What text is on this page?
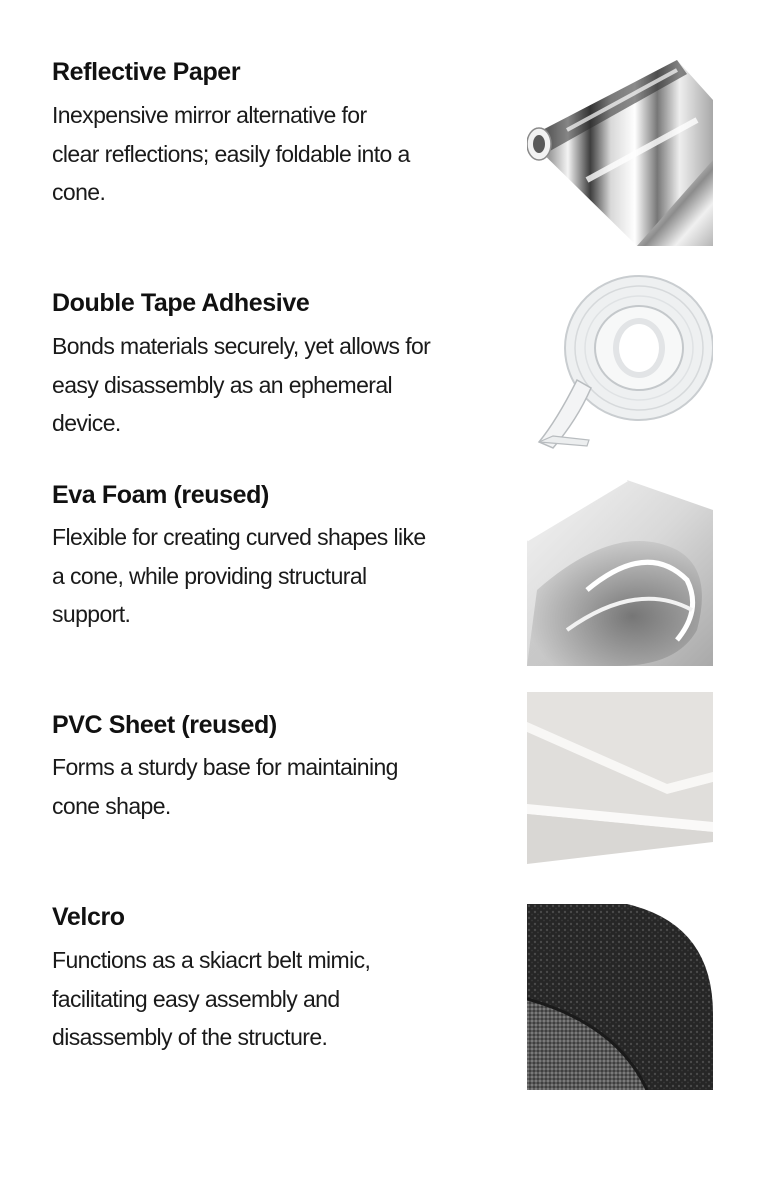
Reflective Paper

Inexpensive mirror alternative for clear reflections; easily foldable into a cone.

Double Tape Adhesive

Bonds materials securely, yet allows for easy disassembly as an ephemeral device.

Eva Foam (reused)

Flexible for creating curved shapes like a cone, while providing structural support.

PVC Sheet (reused)

Forms a sturdy base for maintaining cone shape.

Velcro

Functions as a skiacrt belt mimic, facilitating easy assembly and disassembly of the structure.
